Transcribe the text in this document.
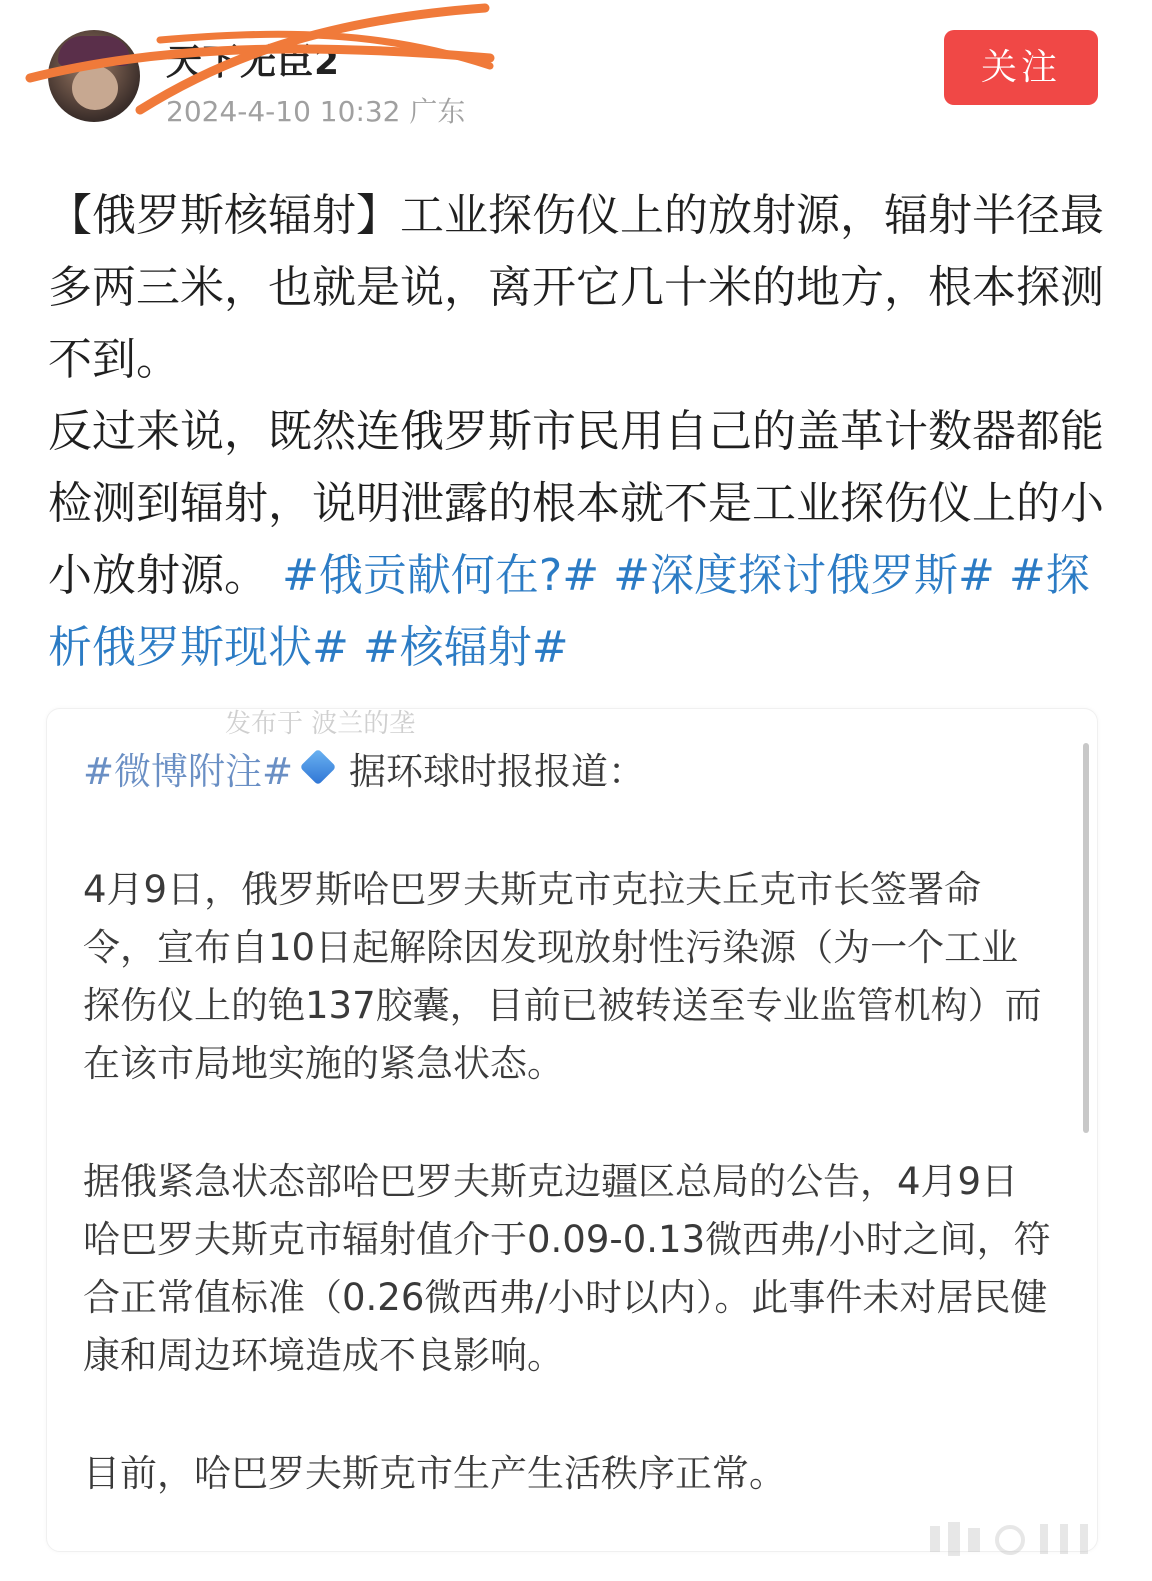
天下无臣2
2024-4-10 10:32 广东
关注

【俄罗斯核辐射】工业探伤仪上的放射源，辐射半径最多两三米，也就是说，离开它几十米的地方，根本探测不到。

反过来说，既然连俄罗斯市民用自己的盖革计数器都能检测到辐射，说明泄露的根本就不是工业探伤仪上的小小放射源。 #俄贡献何在?# #深度探讨俄罗斯# #探析俄罗斯现状# #核辐射#

发布于 波兰的垄

#微博附注# 据环球时报报道：

4月9日，俄罗斯哈巴罗夫斯克市克拉夫丘克市长签署命令，宣布自10日起解除因发现放射性污染源（为一个工业探伤仪上的铯137胶囊，目前已被转送至专业监管机构）而在该市局地实施的紧急状态。

据俄紧急状态部哈巴罗夫斯克边疆区总局的公告，4月9日哈巴罗夫斯克市辐射值介于0.09-0.13微西弗/小时之间，符合正常值标准（0.26微西弗/小时以内）。此事件未对居民健康和周边环境造成不良影响。

目前，哈巴罗夫斯克市生产生活秩序正常。
